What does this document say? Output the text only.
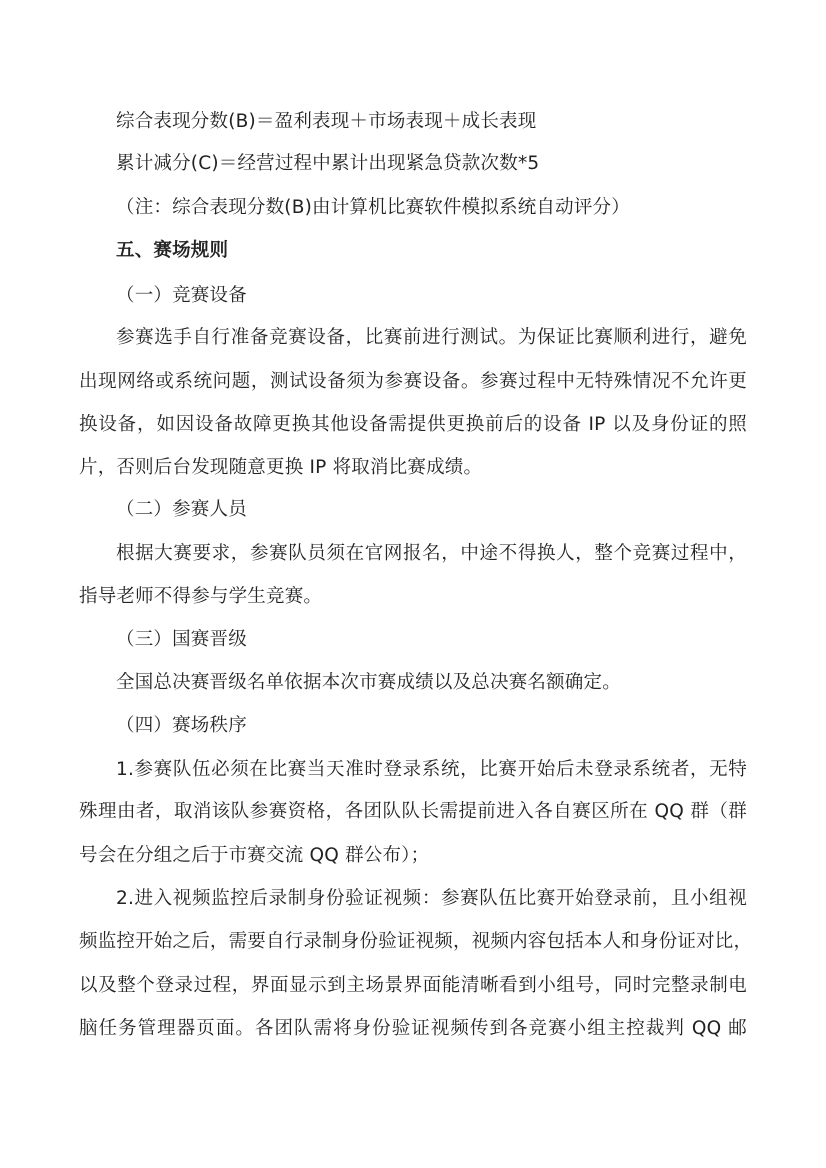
综合表现分数(B)＝盈利表现＋市场表现＋成长表现
累计减分(C)＝经营过程中累计出现紧急贷款次数*5
（注：综合表现分数(B)由计算机比赛软件模拟系统自动评分）
五、赛场规则
（一）竞赛设备
参赛选手自行准备竞赛设备，比赛前进行测试。为保证比赛顺利进行，避免
出现网络或系统问题，测试设备须为参赛设备。参赛过程中无特殊情况不允许更
换设备，如因设备故障更换其他设备需提供更换前后的设备 IP 以及身份证的照
片，否则后台发现随意更换 IP 将取消比赛成绩。
（二）参赛人员
根据大赛要求，参赛队员须在官网报名，中途不得换人，整个竞赛过程中，
指导老师不得参与学生竞赛。
（三）国赛晋级
全国总决赛晋级名单依据本次市赛成绩以及总决赛名额确定。
（四）赛场秩序
1.参赛队伍必须在比赛当天准时登录系统，比赛开始后未登录系统者，无特
殊理由者，取消该队参赛资格，各团队队长需提前进入各自赛区所在 QQ 群（群
号会在分组之后于市赛交流 QQ 群公布）；
2.进入视频监控后录制身份验证视频：参赛队伍比赛开始登录前，且小组视
频监控开始之后，需要自行录制身份验证视频，视频内容包括本人和身份证对比，
以及整个登录过程，界面显示到主场景界面能清晰看到小组号，同时完整录制电
脑任务管理器页面。各团队需将身份验证视频传到各竞赛小组主控裁判 QQ 邮
